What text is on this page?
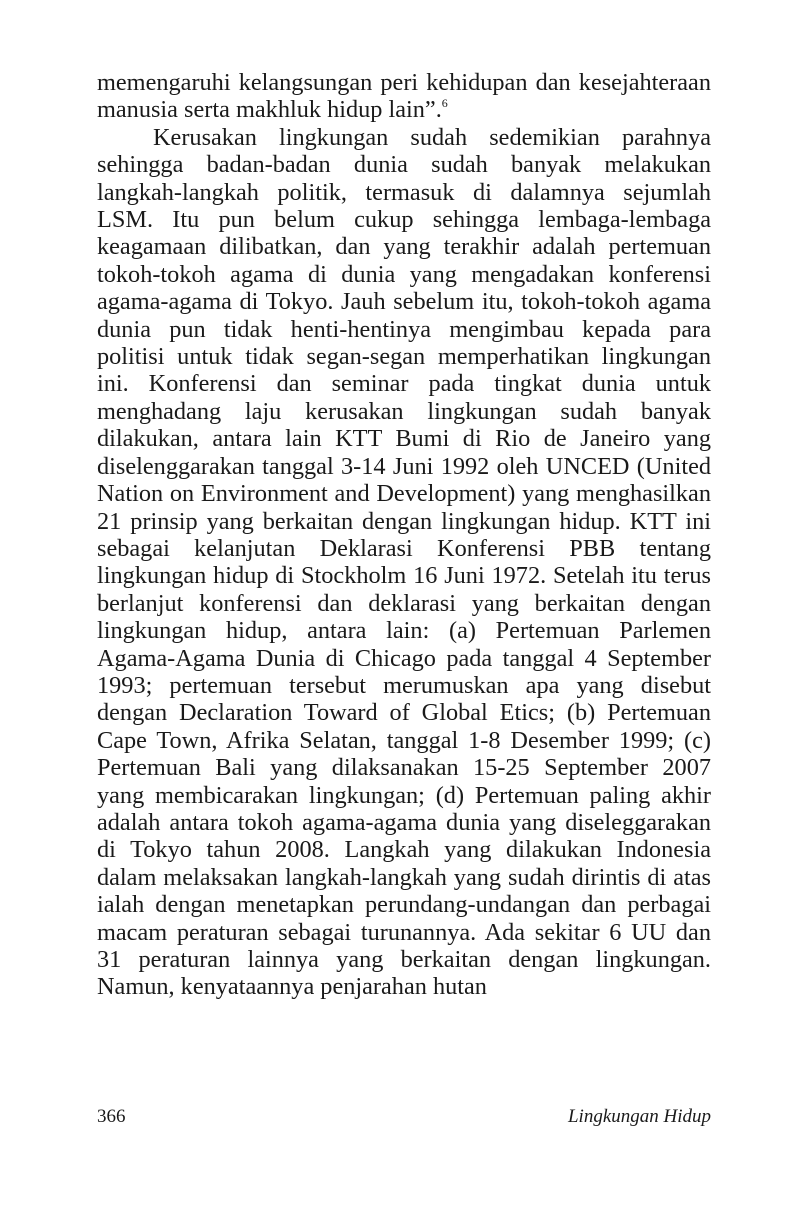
memengaruhi kelangsungan peri kehidupan dan kesejahteraan manusia serta makhluk hidup lain”.$^6$

Kerusakan lingkungan sudah sedemikian parahnya sehingga badan-badan dunia sudah banyak melakukan langkah-langkah politik, termasuk di dalamnya sejumlah LSM. Itu pun belum cukup sehingga lembaga-lembaga keagamaan dilibatkan, dan yang terakhir adalah pertemuan tokoh-tokoh agama di dunia yang mengadakan konferensi agama-agama di Tokyo. Jauh sebelum itu, tokoh-tokoh agama dunia pun tidak henti-hentinya mengimbau kepada para politisi untuk tidak segan-segan memperhatikan lingkungan ini. Konferensi dan seminar pada tingkat dunia untuk menghadang laju kerusakan lingkungan sudah banyak dilakukan, antara lain KTT Bumi di Rio de Janeiro yang diselenggarakan tanggal 3-14 Juni 1992 oleh UNCED (United Nation on Environment and Development) yang menghasilkan 21 prinsip yang berkaitan dengan lingkungan hidup. KTT ini sebagai kelanjutan Deklarasi Konferensi PBB tentang lingkungan hidup di Stockholm 16 Juni 1972. Setelah itu terus berlanjut konferensi dan deklarasi yang berkaitan dengan lingkungan hidup, antara lain: (a) Pertemuan Parlemen Agama-Agama Dunia di Chicago pada tanggal 4 September 1993; pertemuan tersebut merumuskan apa yang disebut dengan Declaration Toward of Global Etics; (b) Pertemuan Cape Town, Afrika Selatan, tanggal 1-8 Desember 1999; (c) Pertemuan Bali yang dilaksanakan 15-25 September 2007 yang membicarakan lingkungan; (d) Pertemuan paling akhir adalah antara tokoh agama-agama dunia yang diseleggarakan di Tokyo tahun 2008. Langkah yang dilakukan Indonesia dalam melaksakan langkah-langkah yang sudah dirintis di atas ialah dengan menetapkan perundang-undangan dan perbagai macam peraturan sebagai turunannya. Ada sekitar 6 UU dan 31 peraturan lainnya yang berkaitan dengan lingkungan. Namun, kenyataannya penjarahan hutan

366	Lingkungan Hidup
